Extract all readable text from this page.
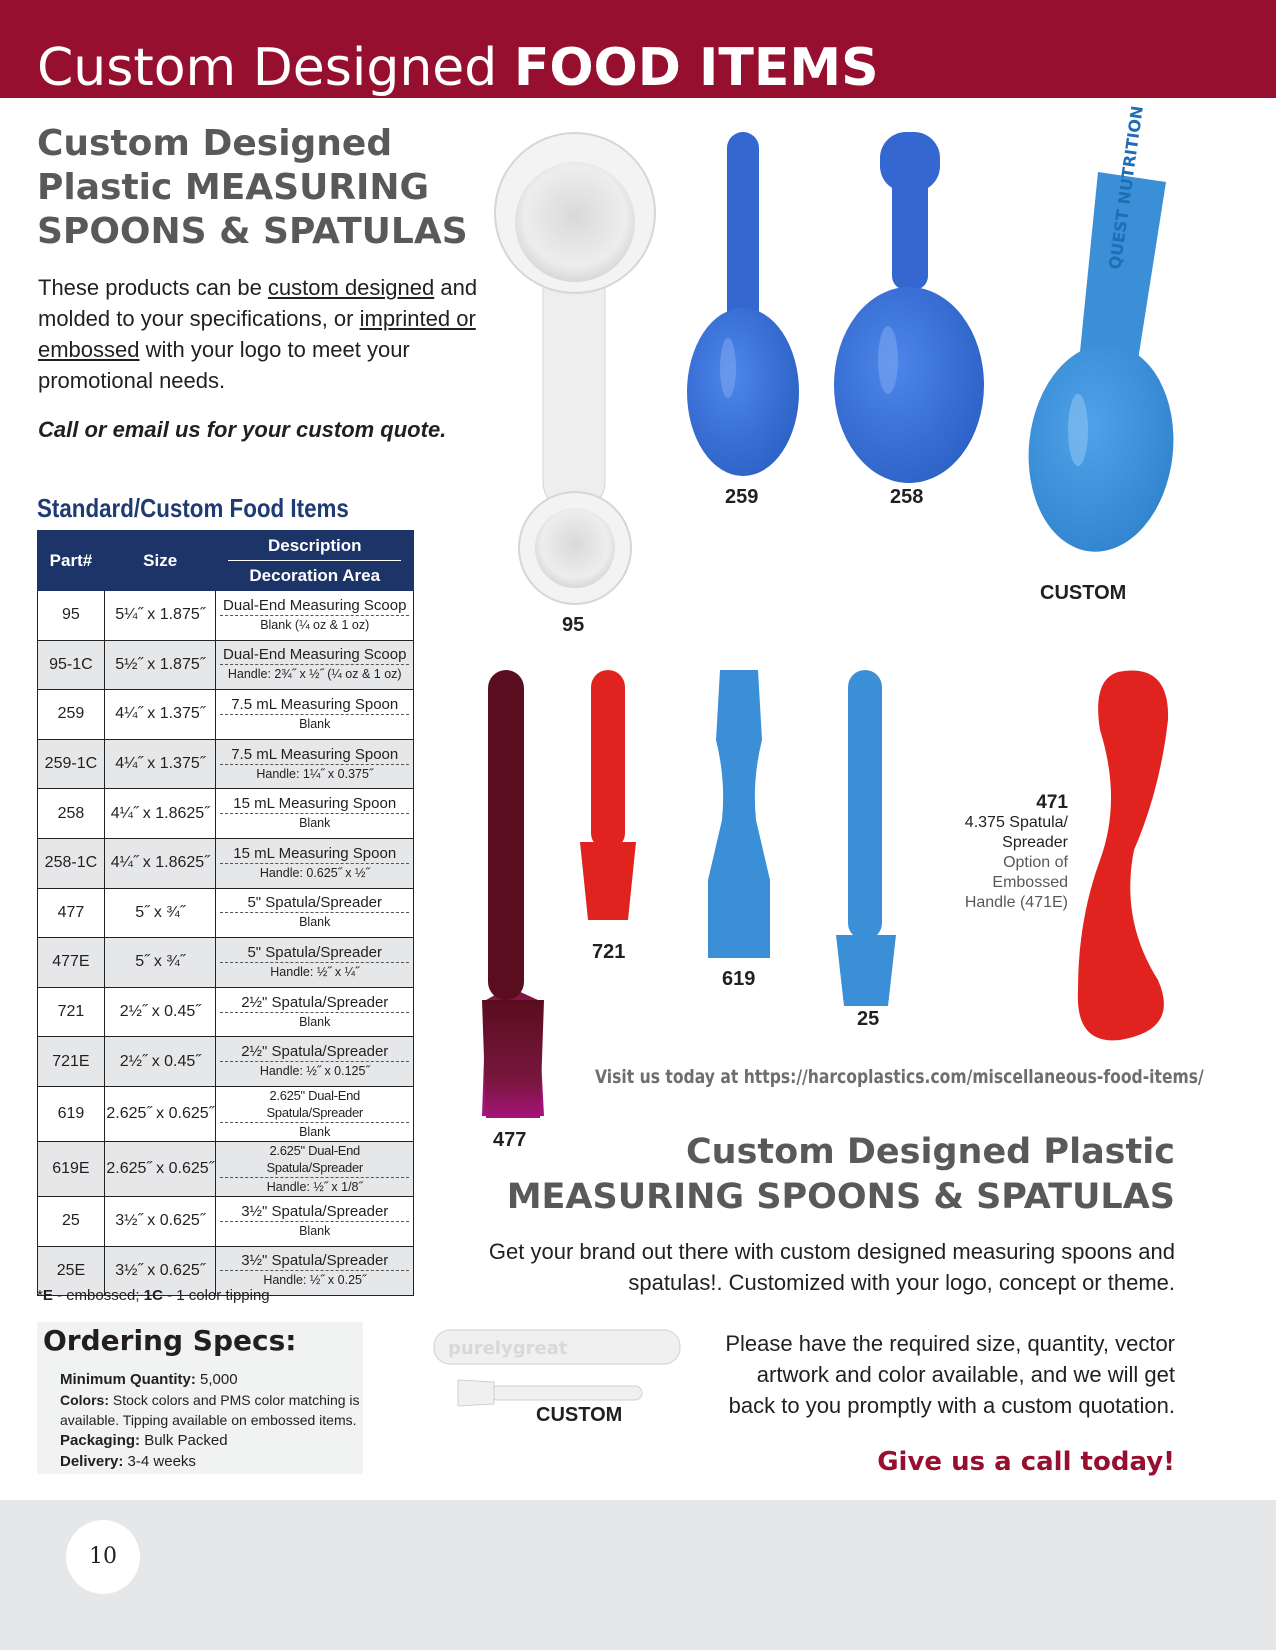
Custom Designed FOOD ITEMS
Custom Designed
Plastic MEASURING
SPOONS & SPATULAS
These products can be custom designed and molded to your specifications, or imprinted or embossed with your logo to meet your promotional needs.
Call or email us for your custom quote.
Standard/Custom Food Items
Part#	Size	Description
Decoration Area

95	5¼˝ x 1.875˝	Dual-End Measuring Scoop
Blank (¼ oz & 1 oz)

95-1C	5½˝ x 1.875˝	Dual-End Measuring Scoop
Handle: 2¾˝ x ½˝ (¼ oz & 1 oz)

259	4¼˝ x 1.375˝	7.5 mL Measuring Spoon
Blank

259-1C	4¼˝ x 1.375˝	7.5 mL Measuring Spoon
Handle: 1¼˝ x 0.375˝

258	4¼˝ x 1.8625˝	15 mL Measuring Spoon
Blank

258-1C	4¼˝ x 1.8625˝	15 mL Measuring Spoon
Handle: 0.625˝ x ½˝

477	5˝ x ¾˝	5" Spatula/Spreader
Blank

477E	5˝ x ¾˝	5" Spatula/Spreader
Handle: ½˝ x ¼˝

721	2½˝ x 0.45˝	2½" Spatula/Spreader
Blank

721E	2½˝ x 0.45˝	2½" Spatula/Spreader
Handle: ½˝ x 0.125˝

619	2.625˝ x 0.625˝	2.625" Dual-End Spatula/Spreader
Blank

619E	2.625˝ x 0.625˝	2.625" Dual-End Spatula/Spreader
Handle: ½˝ x 1/8˝

25	3½˝ x 0.625˝	3½" Spatula/Spreader
Blank

25E	3½˝ x 0.625˝	3½" Spatula/Spreader
Handle: ½˝ x 0.25˝
*E - embossed; 1C - 1 color tipping
Ordering Specs:
Minimum Quantity: 5,000
Colors: Stock colors and PMS color matching is available. Tipping available on embossed items.
Packaging: Bulk Packed
Delivery: 3-4 weeks
QUEST NUTRITION
purelygreat
95
259	258
CUSTOM
477
721
619
25
471
4.375 Spatula/
Spreader
Option of
Embossed
Handle (471E)
CUSTOM
Visit us today at https://harcoplastics.com/miscellaneous-food-items/
Custom Designed Plastic
MEASURING SPOONS & SPATULAS
Get your brand out there with custom designed measuring spoons and spatulas!. Customized with your logo, concept or theme.
Please have the required size, quantity, vector artwork and color available, and we will get back to you promptly with a custom quotation.
Give us a call today!
10
